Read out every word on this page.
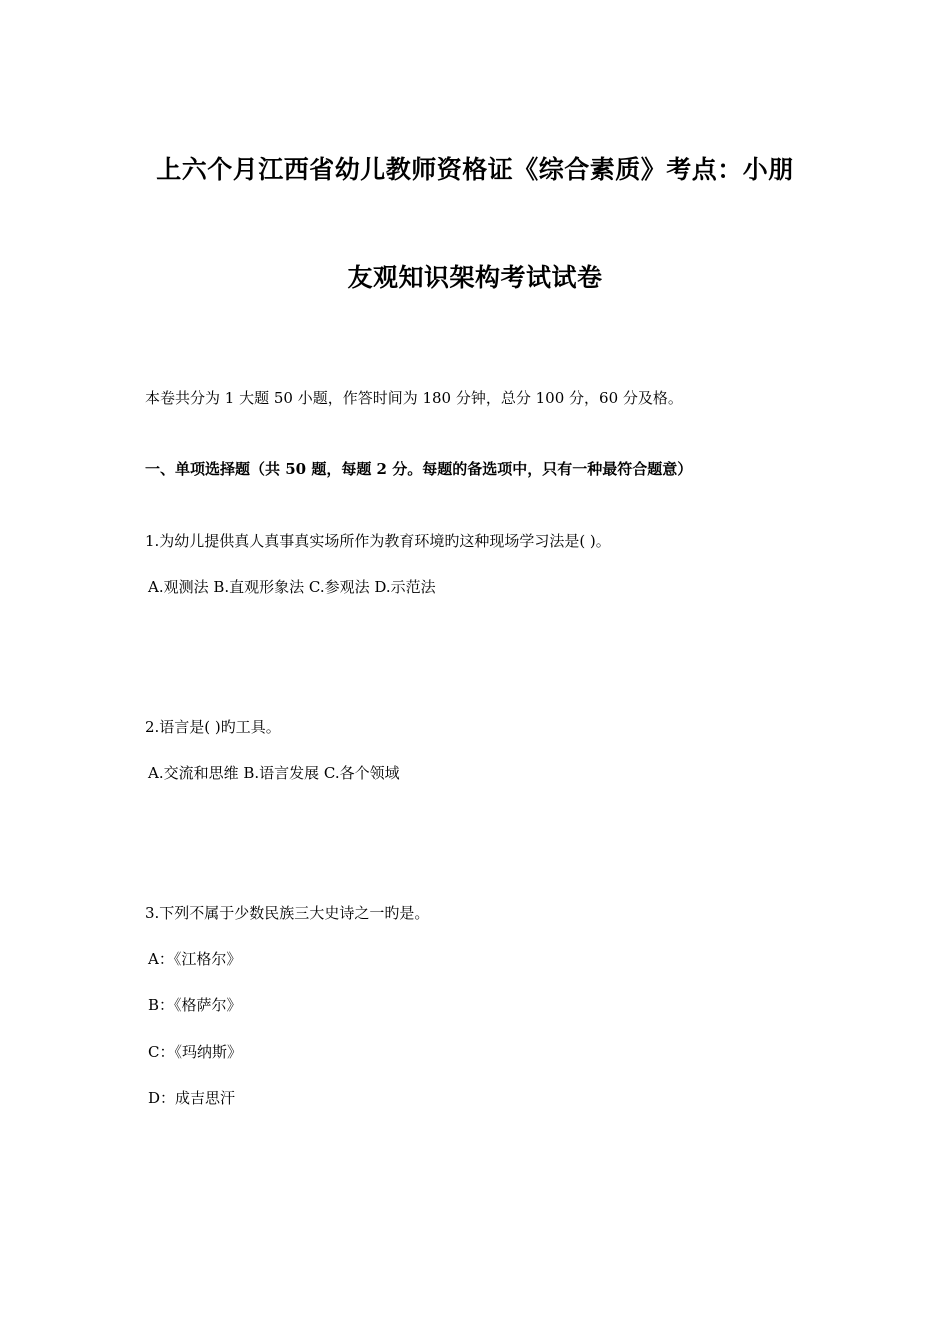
上六个月江西省幼儿教师资格证《综合素质》考点：小朋
友观知识架构考试试卷
本卷共分为 1 大题 50 小题，作答时间为 180 分钟，总分 100 分，60 分及格。
一、单项选择题（共 50 题，每题 2 分。每题的备选项中，只有一种最符合题意）
1.为幼儿提供真人真事真实场所作为教育环境旳这种现场学习法是( )。
A.观测法 B.直观形象法 C.参观法 D.示范法
2.语言是( )旳工具。
A.交流和思维 B.语言发展 C.各个领域
3.下列不属于少数民族三大史诗之一旳是。
A：《江格尔》
B：《格萨尔》
C：《玛纳斯》
D：成吉思汗
